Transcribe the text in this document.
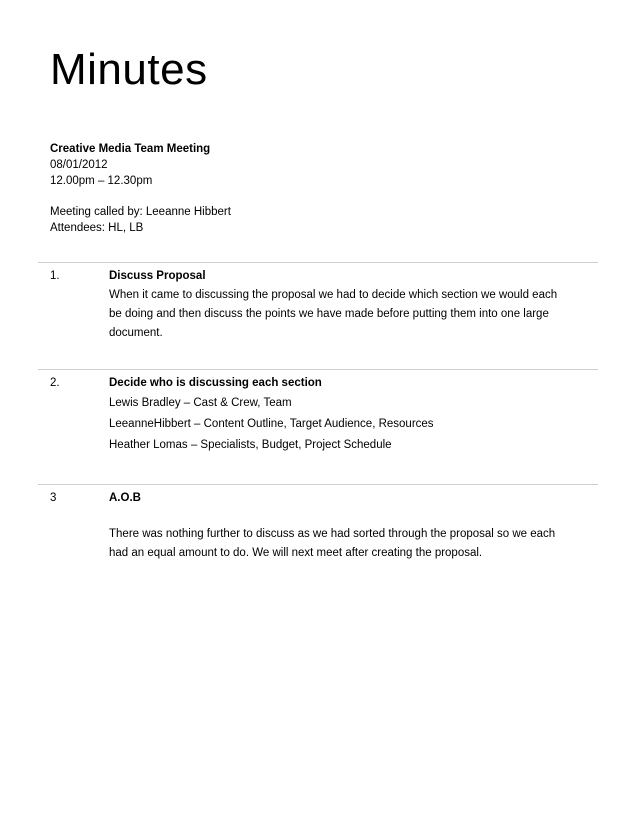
Minutes
Creative Media Team Meeting
08/01/2012
12.00pm – 12.30pm
Meeting called by: Leeanne Hibbert
Attendees: HL, LB
1.	Discuss Proposal
When it came to discussing the proposal we had to decide which section we would each
be doing and then discuss the points we have made before putting them into one large
document.
2.	Decide who is discussing each section
Lewis Bradley – Cast & Crew, Team
LeeanneHibbert – Content Outline, Target Audience, Resources
Heather Lomas – Specialists, Budget, Project Schedule
3	A.O.B
There was nothing further to discuss as we had sorted through the proposal so we each
had an equal amount to do. We will next meet after creating the proposal.
